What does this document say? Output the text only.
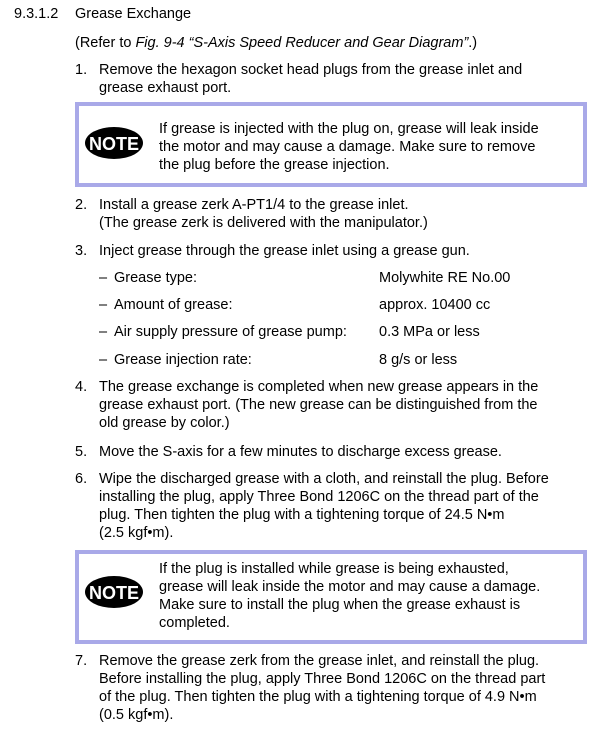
9.3.1.2 Grease Exchange
(Refer to Fig. 9-4 “S-Axis Speed Reducer and Gear Diagram”.)
1. Remove the hexagon socket head plugs from the grease inlet and
grease exhaust port.
NOTE
If grease is injected with the plug on, grease will leak inside
the motor and may cause a damage. Make sure to remove
the plug before the grease injection.
2. Install a grease zerk A-PT1/4 to the grease inlet.
(The grease zerk is delivered with the manipulator.)
3. Inject grease through the grease inlet using a grease gun.
– Grease type:	Molywhite RE No.00
– Amount of grease:	approx. 10400 cc
– Air supply pressure of grease pump: 0.3 MPa or less
– Grease injection rate:	8 g/s or less
4. The grease exchange is completed when new grease appears in the
grease exhaust port. (The new grease can be distinguished from the
old grease by color.)
5. Move the S-axis for a few minutes to discharge excess grease.
6. Wipe the discharged grease with a cloth, and reinstall the plug. Before
installing the plug, apply Three Bond 1206C on the thread part of the
plug. Then tighten the plug with a tightening torque of 24.5 N•m
(2.5 kgf•m).
NOTE
If the plug is installed while grease is being exhausted,
grease will leak inside the motor and may cause a damage.
Make sure to install the plug when the grease exhaust is
completed.
7. Remove the grease zerk from the grease inlet, and reinstall the plug.
Before installing the plug, apply Three Bond 1206C on the thread part
of the plug. Then tighten the plug with a tightening torque of 4.9 N•m
(0.5 kgf•m).
